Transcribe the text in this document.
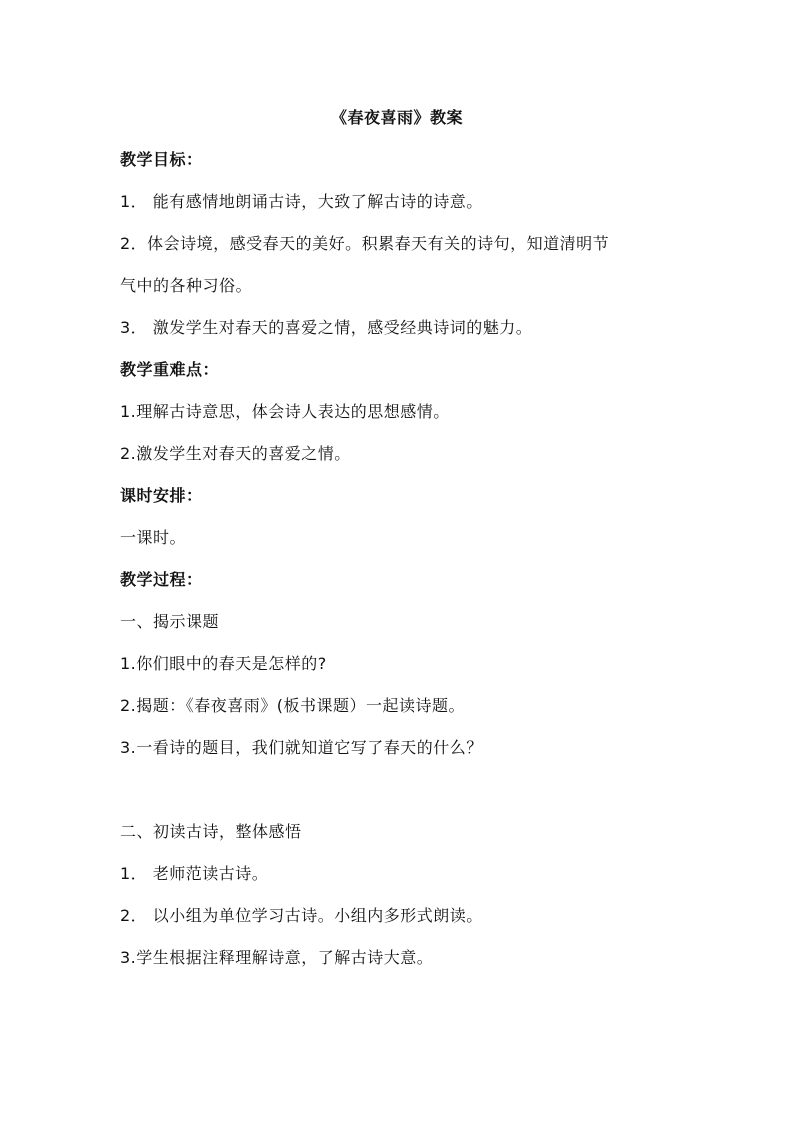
《春夜喜雨》教案
教学目标：
1． 能有感情地朗诵古诗，大致了解古诗的诗意。
2．体会诗境，感受春天的美好。积累春天有关的诗句，知道清明节
气中的各种习俗。
3． 激发学生对春天的喜爱之情，感受经典诗词的魅力。
教学重难点：
1.理解古诗意思，体会诗人表达的思想感情。
2.激发学生对春天的喜爱之情。
课时安排：
一课时。
教学过程：
一、揭示课题
1.你们眼中的春天是怎样的?
2.揭题：《春夜喜雨》(板书课题）一起读诗题。
3.一看诗的题目，我们就知道它写了春天的什么？
二、初读古诗，整体感悟
1． 老师范读古诗。
2． 以小组为单位学习古诗。小组内多形式朗读。
3.学生根据注释理解诗意，了解古诗大意。
